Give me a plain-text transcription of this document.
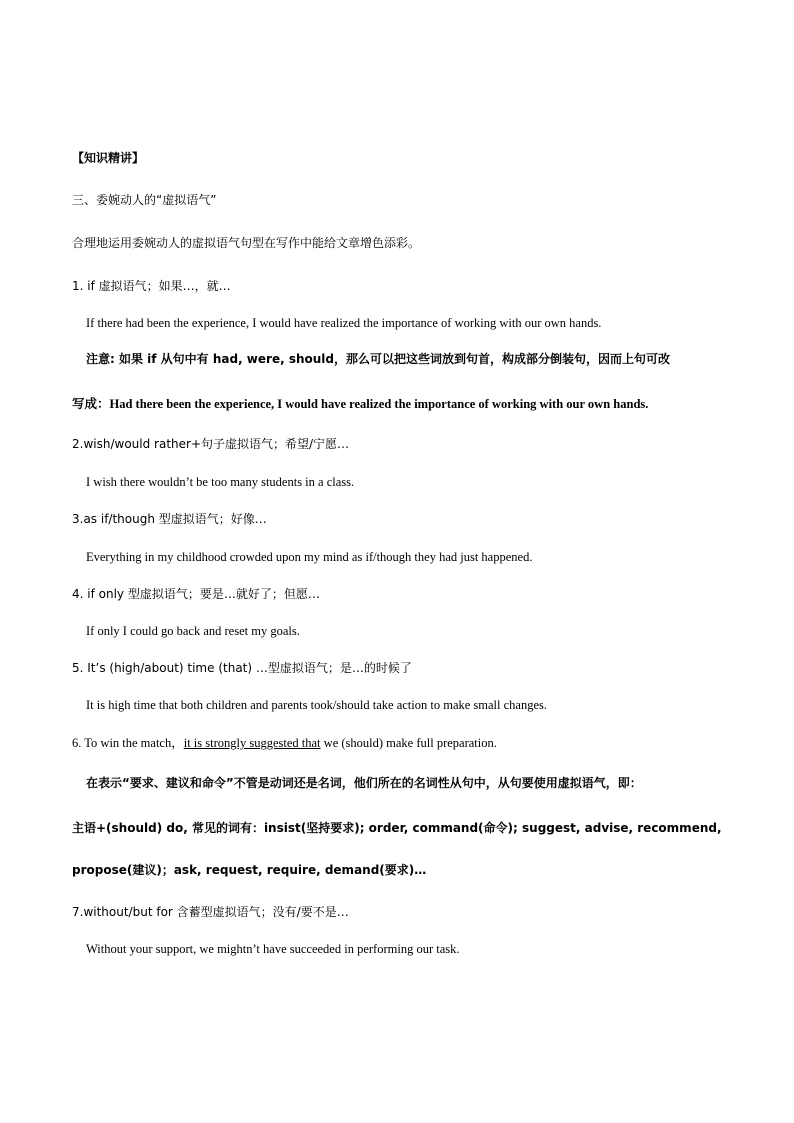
【知识精讲】
三、委婉动人的“虚拟语气”
合理地运用委婉动人的虚拟语气句型在写作中能给文章增色添彩。
1. if 虚拟语气；如果…，就…
If there had been the experience, I would have realized the importance of working with our own hands.
注意: 如果 if 从句中有 had, were, should，那么可以把这些词放到句首，构成部分倒装句，因而上句可改
写成：Had there been the experience, I would have realized the importance of working with our own hands.
2.wish/would rather+句子虚拟语气；希望/宁愿…
I wish there wouldn’t be too many students in a class.
3.as if/though 型虚拟语气；好像…
Everything in my childhood crowded upon my mind as if/though they had just happened.
4. if only 型虚拟语气；要是…就好了；但愿…
If only I could go back and reset my goals.
5. It’s (high/about) time (that) …型虚拟语气；是…的时候了
It is high time that both children and parents took/should take action to make small changes.
6. To win the match，it is strongly suggested that we (should) make full preparation.
在表示“要求、建议和命令”不管是动词还是名词，他们所在的名词性从句中，从句要使用虚拟语气，即：
主语+(should) do, 常见的词有：insist(坚持要求); order, command(命令); suggest, advise, recommend,
propose(建议)；ask, request, require, demand(要求)…
7.without/but for 含蓄型虚拟语气；没有/要不是…
Without your support, we mightn’t have succeeded in performing our task.
